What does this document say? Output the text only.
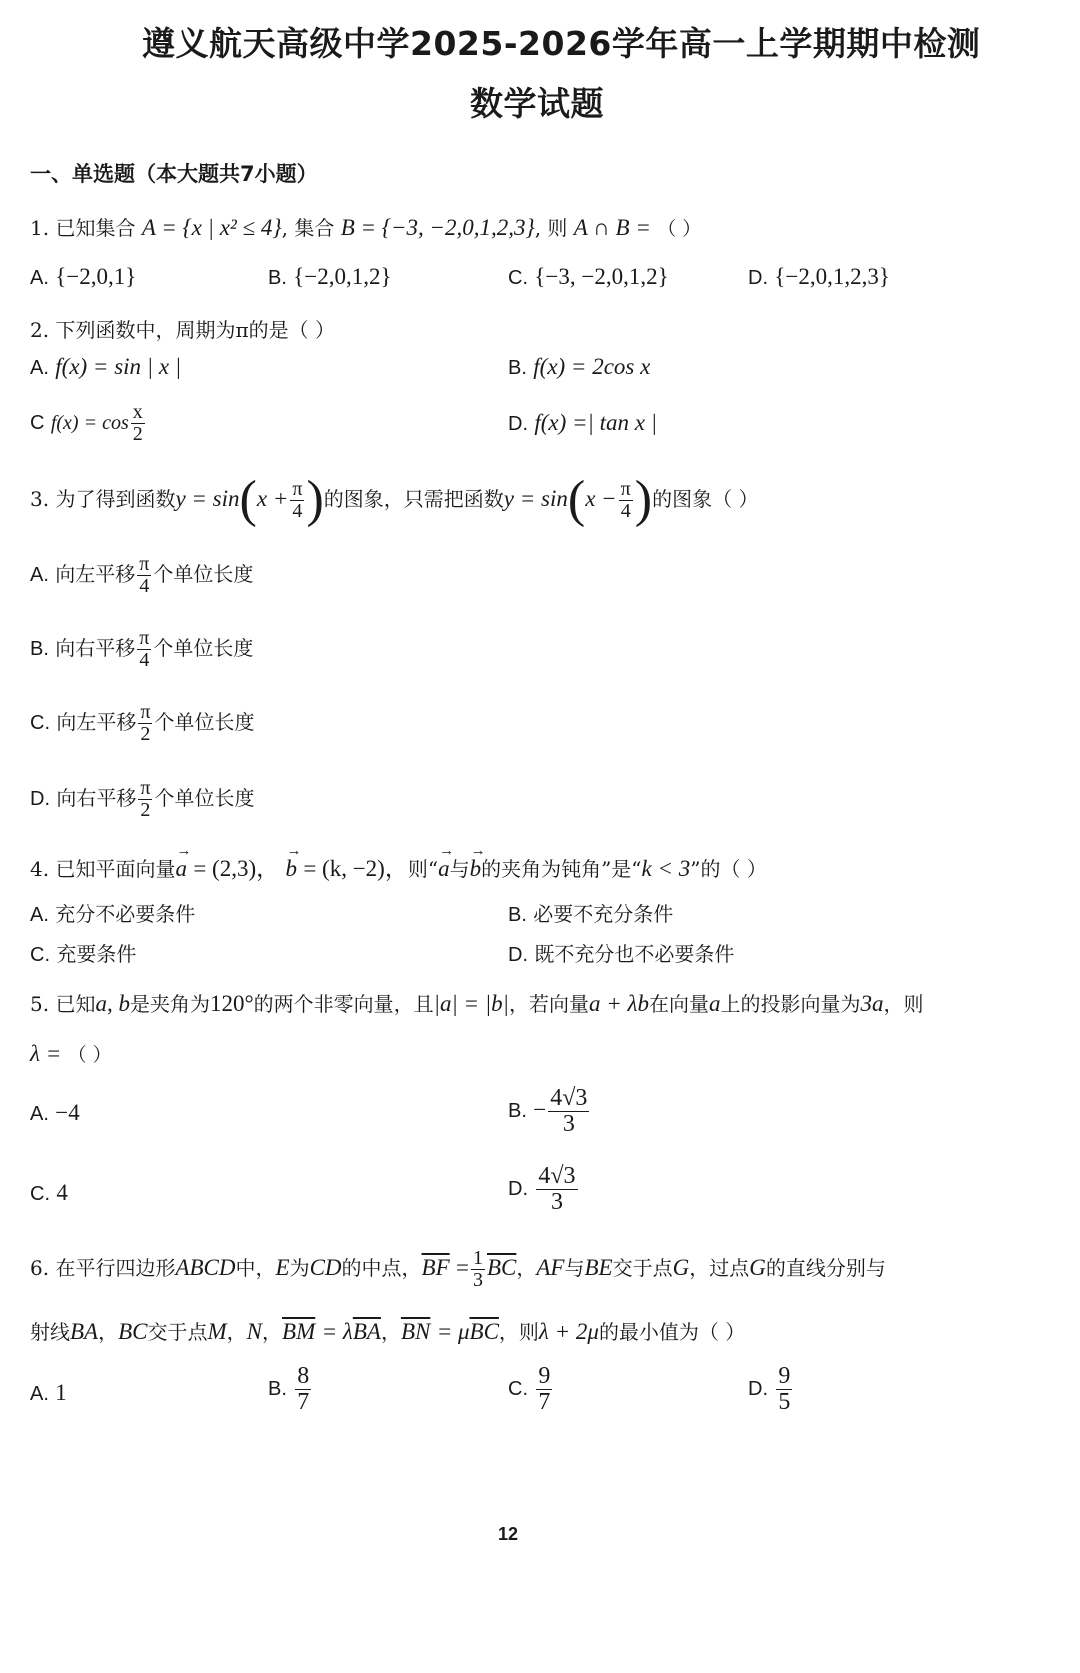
遵义航天高级中学2025-2026学年高一上学期期中检测
数学试题
一、单选题（本大题共7小题）
1. 已知集合 A = {x | x² ≤ 4}, 集合 B = {−3, −2,0,1,2,3}, 则 A ∩ B = （ ）
A. {−2,0,1}	B. {−2,0,1,2}	C. {−3, −2,0,1,2}	D. {−2,0,1,2,3}
2. 下列函数中，周期为π的是（ ）
A. f(x) = sin | x |	B. f(x) = 2cos x
C $f(x) = \cos \frac{x}{2}$	D. f(x) =| tan x |
3. 为了得到函数$y = \sin(x + \frac{\pi}{4}$ )的图象，只需把函数$y = \sin(x - \frac{\pi}{4}$ )的图象（ ）
A. 向左平移 $\frac{\pi}{4}$ 个单位长度
B. 向右平移 $\frac{\pi}{4}$ 个单位长度
C. 向左平移 $\frac{\pi}{2}$ 个单位长度
D. 向右平移 $\frac{\pi}{2}$ 个单位长度
4. 已知平面向量→ a = (2,3)， → b = (k, −2)，则“→ a与→ b的夹角为钝角”是“k < 3”的（ ）
A. 充分不必要条件	B. 必要不充分条件
C. 充要条件	D. 既不充分也不必要条件
5. 已知a, b是夹角为120°的两个非零向量，且|a| = |b|，若向量a + λb在向量a上的投影向量为3a，则
λ = （ ）
A. −4	B. − $\frac{4√3}{3}$
C. 4	D. $\frac{4√3}{3}$
6. 在平行四边形ABCD中，E为CD的中点，$\overline{BF} = \frac{1}{3} \overline{BC}$，AF与BE交于点G，过点G的直线分别与
射线BA，BC交于点M，N，$\overline{BM} = \lambda\overline{BA}$，$\overline{BN} = \mu\overline{BC}$，则λ + 2μ的最小值为（ ）
A. 1	B. $\frac{8}{7}$	C. $\frac{9}{7}$	D. $\frac{9}{5}$
12
